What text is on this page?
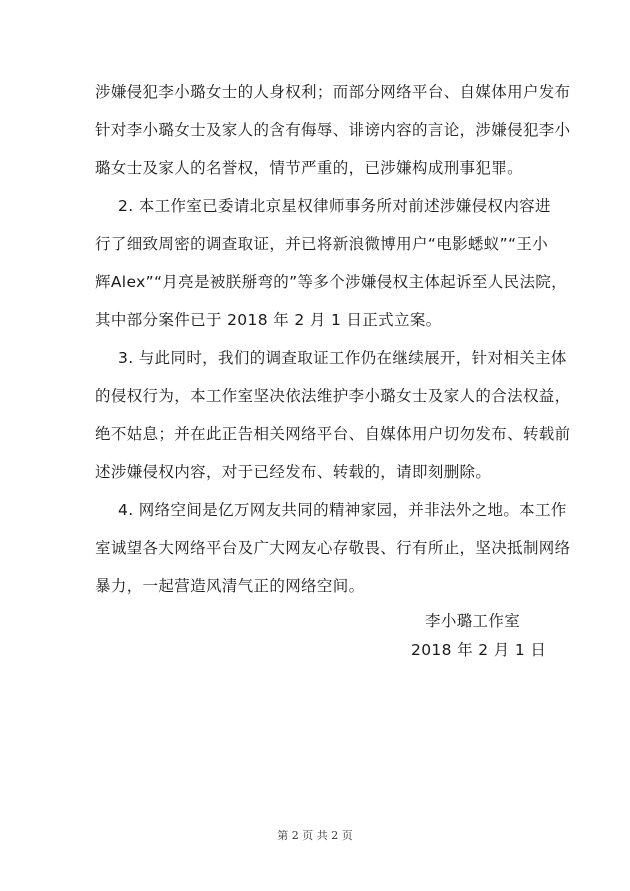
涉嫌侵犯李小璐女士的人身权利；而部分网络平台、自媒体用户发布
针对李小璐女士及家人的含有侮辱、诽谤内容的言论，涉嫌侵犯李小
璐女士及家人的名誉权，情节严重的，已涉嫌构成刑事犯罪。
2. 本工作室已委请北京星权律师事务所对前述涉嫌侵权内容进
行了细致周密的调查取证，并已将新浪微博用户“电影蟋蚁”“王小
辉Alex”“月亮是被朕掰弯的”等多个涉嫌侵权主体起诉至人民法院，
其中部分案件已于 2018 年 2 月 1 日正式立案。
3. 与此同时，我们的调查取证工作仍在继续展开，针对相关主体
的侵权行为，本工作室坚决依法维护李小璐女士及家人的合法权益，
绝不姑息；并在此正告相关网络平台、自媒体用户切勿发布、转载前
述涉嫌侵权内容，对于已经发布、转载的，请即刻删除。
4. 网络空间是亿万网友共同的精神家园，并非法外之地。本工作
室诚望各大网络平台及广大网友心存敬畏、行有所止，坚决抵制网络
暴力，一起营造风清气正的网络空间。
李小璐工作室
2018 年 2 月 1 日
第 2 页 共 2 页
